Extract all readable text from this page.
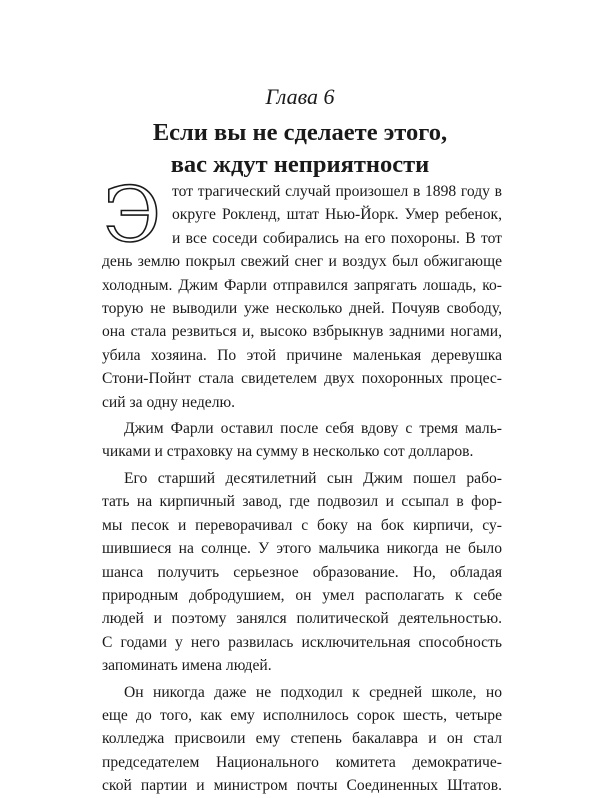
Глава 6
Если вы не сделаете этого,
вас ждут неприятности
Э тот трагический случай произошел в 1898 году в
округе Рокленд, штат Нью-Йорк. Умер ребенок,
и все соседи собирались на его похороны. В тот
день землю покрыл свежий снег и воздух был обжигающе
холодным. Джим Фарли отправился запрягать лошадь, ко-
торую не выводили уже несколько дней. Почуяв свободу,
она стала резвиться и, высоко взбрыкнув задними ногами,
убила хозяина. По этой причине маленькая деревушка
Стони-Пойнт стала свидетелем двух похоронных процес-
сий за одну неделю.
Джим Фарли оставил после себя вдову с тремя маль-
чиками и страховку на сумму в несколько сот долларов.
Его старший десятилетний сын Джим пошел рабо-
тать на кирпичный завод, где подвозил и ссыпал в фор-
мы песок и переворачивал с боку на бок кирпичи, су-
шившиеся на солнце. У этого мальчика никогда не было
шанса получить серьезное образование. Но, обладая
природным добродушием, он умел располагать к себе
людей и поэтому занялся политической деятельностью.
С годами у него развилась исключительная способность
запоминать имена людей.
Он никогда даже не подходил к средней школе, но
еще до того, как ему исполнилось сорок шесть, четыре
колледжа присвоили ему степень бакалавра и он стал
председателем Национального комитета демократиче-
ской партии и министром почты Соединенных Штатов.
